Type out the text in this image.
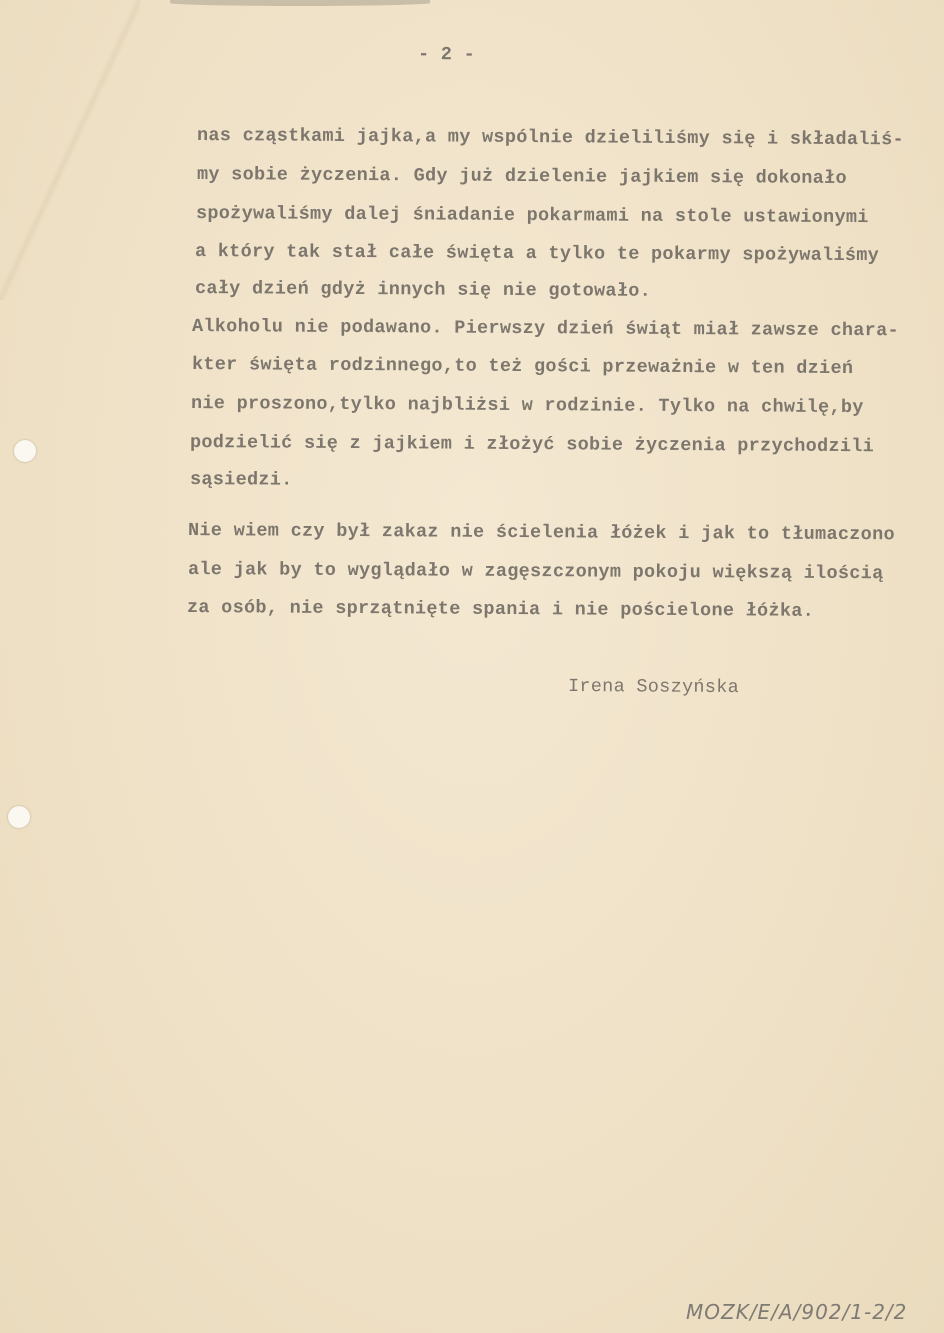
- 2 -
nas cząstkami jajka,a my wspólnie dzieliliśmy się i składaliś-
my sobie życzenia. Gdy już dzielenie jajkiem się dokonało
spożywaliśmy dalej śniadanie pokarmami na stole ustawionymi
a który tak stał całe święta a tylko te pokarmy spożywaliśmy
cały dzień gdyż innych się nie gotowało.
Alkoholu nie podawano. Pierwszy dzień świąt miał zawsze chara-
kter święta rodzinnego,to też gości przeważnie w ten dzień
nie proszono,tylko najbliżsi w rodzinie. Tylko na chwilę,by
podzielić się z jajkiem i złożyć sobie życzenia przychodzili
sąsiedzi.
Nie wiem czy był zakaz nie ścielenia łóżek i jak to tłumaczono
ale jak by to wyglądało w zagęszczonym pokoju większą ilością
za osób, nie sprzątnięte spania i nie pościelone łóżka.
Irena Soszyńska
MOZK/E/A/902/1-2/2
